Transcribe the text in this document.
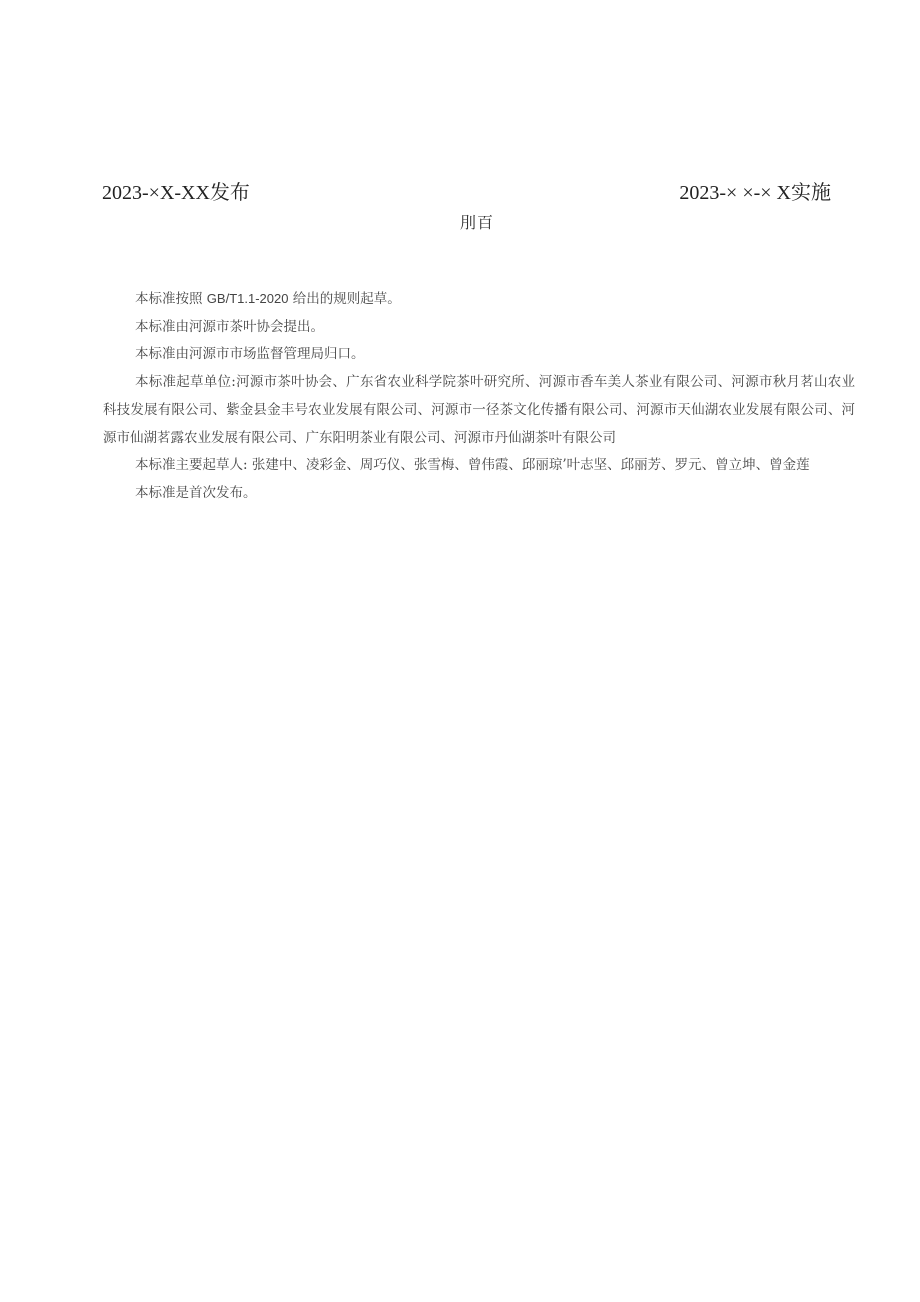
2023-×X-XX发布	2023-× ×-× X实施
刖百

本标准按照 GB/T1.1-2020 给出的规则起草。

本标准由河源市茶叶协会提出。

本标准由河源市市场监督管理局归口。

本标准起草单位:河源市茶叶协会、广东省农业科学院茶叶研究所、河源市香车美人茶业有限公司、河源市秋月茗山农业科技发展有限公司、紫金县金丰号农业发展有限公司、河源市一径茶文化传播有限公司、河源市天仙湖农业发展有限公司、河源市仙湖茗露农业发展有限公司、广东阳明茶业有限公司、河源市丹仙湖茶叶有限公司

本标准主要起草人: 张建中、凌彩金、周巧仪、张雪梅、曾伟霞、邱丽琼’叶志坚、邱丽芳、罗元、曾立坤、曾金莲

本标准是首次发布。
